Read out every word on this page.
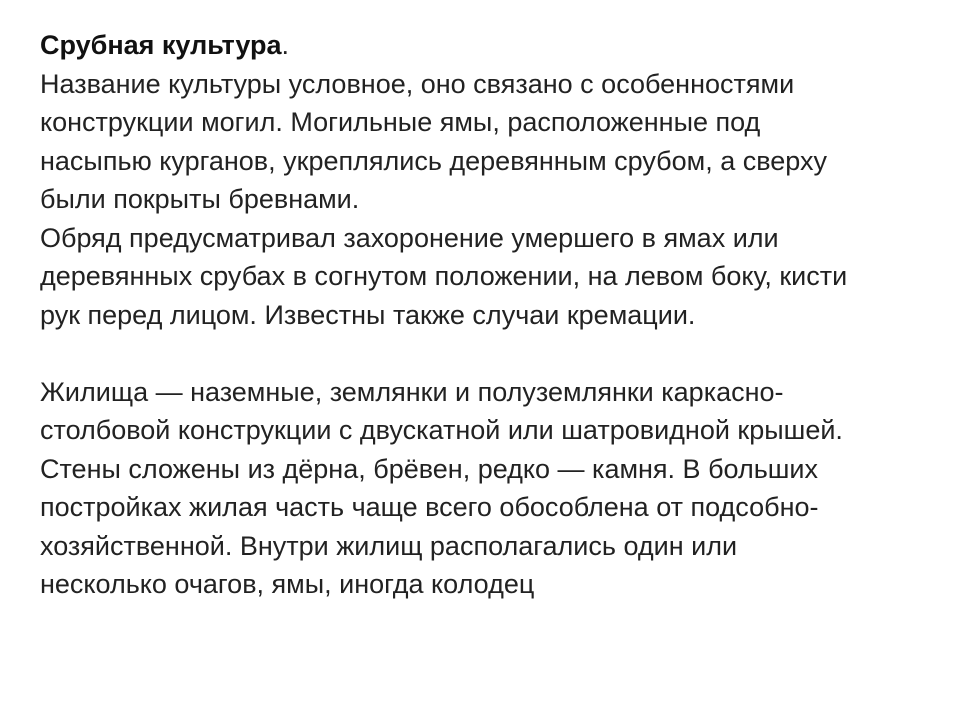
Срубная культура.
Название культуры условное, оно связано с особенностями
конструкции могил. Могильные ямы, расположенные под
насыпью курганов, укреплялись деревянным срубом, а сверху
были покрыты бревнами.
Обряд предусматривал захоронение умершего в ямах или
деревянных срубах в согнутом положении, на левом боку, кисти
рук перед лицом. Известны также случаи кремации.
Жилища — наземные, землянки и полуземлянки каркасно-
столбовой конструкции с двускатной или шатровидной крышей.
Стены сложены из дёрна, брёвен, редко — камня. В больших
постройках жилая часть чаще всего обособлена от подсобно-
хозяйственной. Внутри жилищ располагались один или
несколько очагов, ямы, иногда колодец
